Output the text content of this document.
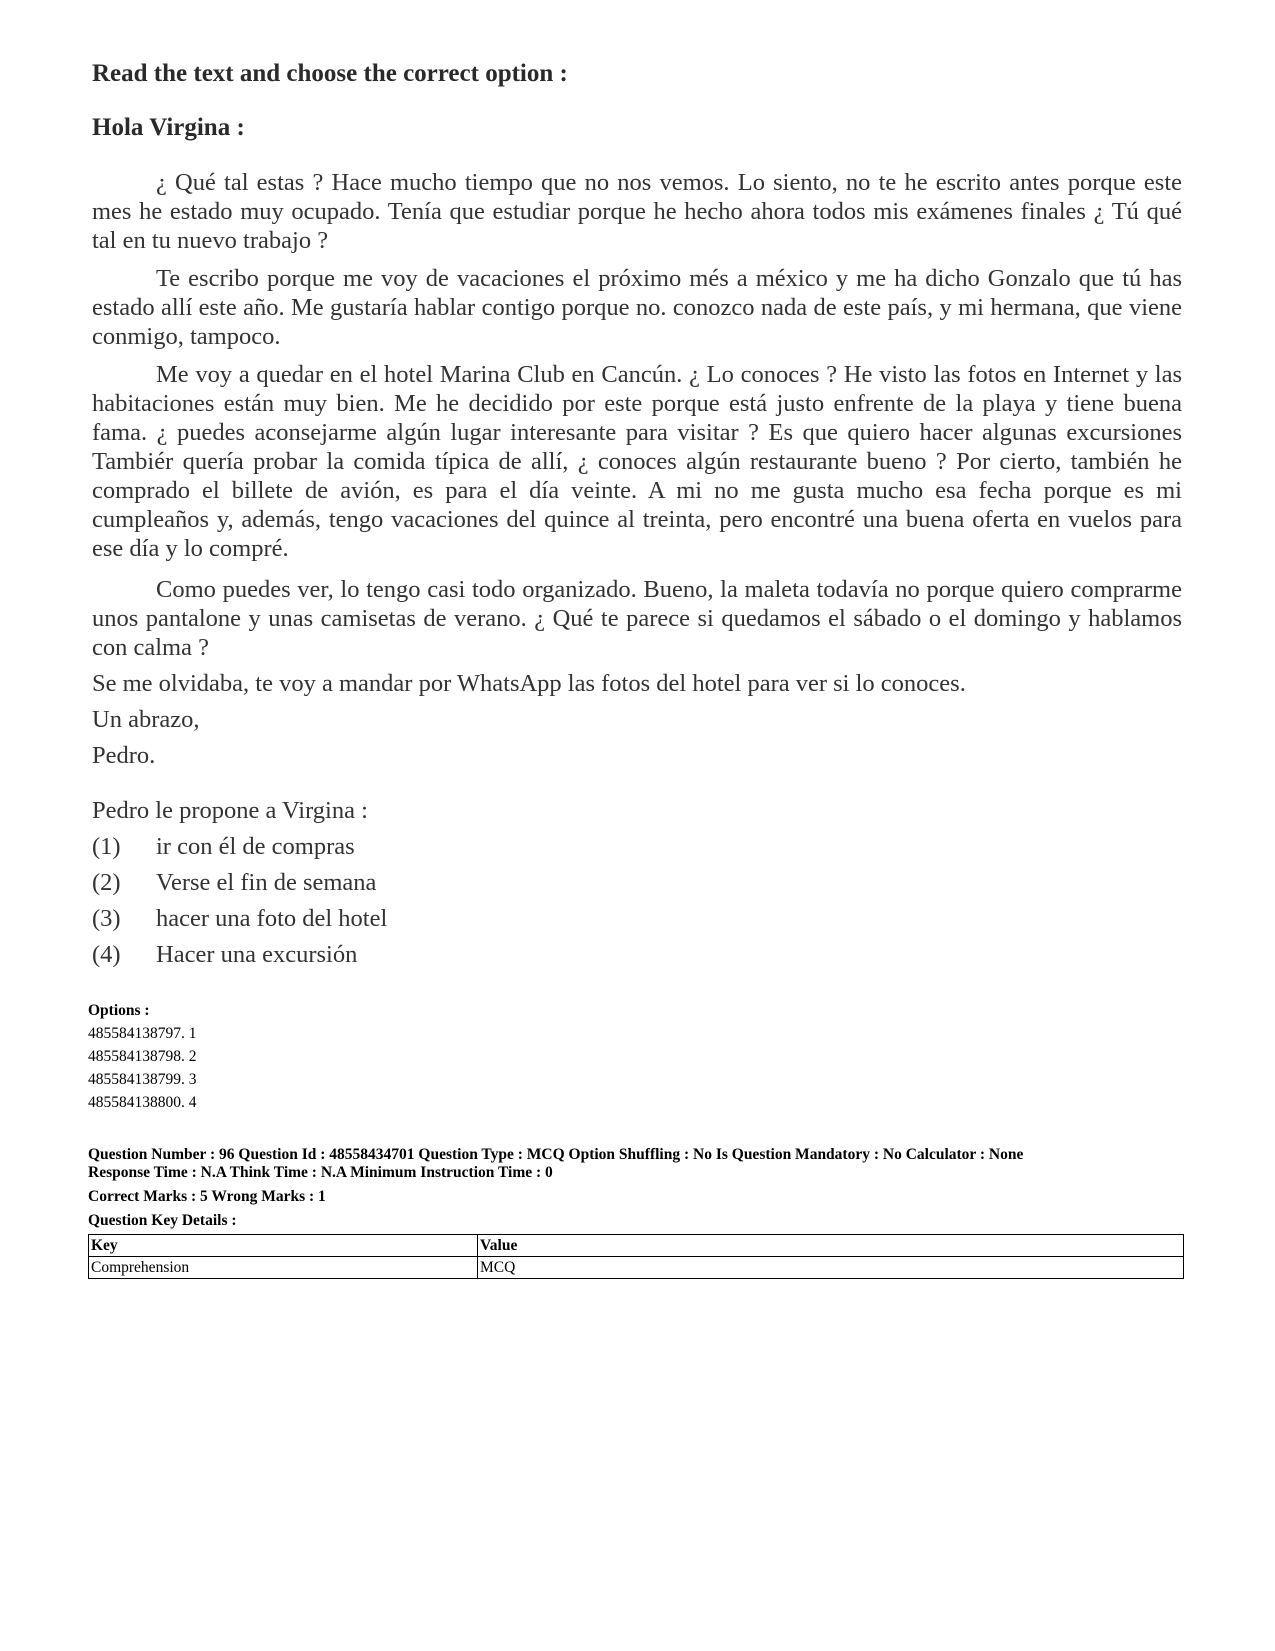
Read the text and choose the correct option :

Hola Virgina :

¿ Qué tal estas ? Hace mucho tiempo que no nos vemos. Lo siento, no te he escrito antes porque este mes he estado muy ocupado. Tenía que estudiar porque he hecho ahora todos mis exámenes finales ¿ Tú qué tal en tu nuevo trabajo ?

Te escribo porque me voy de vacaciones el próximo més a méxico y me ha dicho Gonzalo que tú has estado allí este año. Me gustaría hablar contigo porque no. conozco nada de este país, y mi hermana, que viene conmigo, tampoco.

Me voy a quedar en el hotel Marina Club en Cancún. ¿ Lo conoces ? He visto las fotos en Internet y las habitaciones están muy bien. Me he decidido por este porque está justo enfrente de la playa y tiene buena fama. ¿ puedes aconsejarme algún lugar interesante para visitar ? Es que quiero hacer algunas excursiones Tambiér quería probar la comida típica de allí, ¿ conoces algún restaurante bueno ? Por cierto, también he comprado el billete de avión, es para el día veinte. A mi no me gusta mucho esa fecha porque es mi cumpleaños y, además, tengo vacaciones del quince al treinta, pero encontré una buena oferta en vuelos para ese día y lo compré.

Como puedes ver, lo tengo casi todo organizado. Bueno, la maleta todavía no porque quiero comprarme unos pantalone y unas camisetas de verano. ¿ Qué te parece si quedamos el sábado o el domingo y hablamos con calma ?

Se me olvidaba, te voy a mandar por WhatsApp las fotos del hotel para ver si lo conoces.

Un abrazo,

Pedro.

Pedro le propone a Virgina :

(1) ir con él de compras
(2) Verse el fin de semana
(3) hacer una foto del hotel
(4) Hacer una excursión

Options :

485584138797. 1
485584138798. 2
485584138799. 3
485584138800. 4

Question Number : 96 Question Id : 48558434701 Question Type : MCQ Option Shuffling : No Is Question Mandatory : No Calculator : None

Response Time : N.A Think Time : N.A Minimum Instruction Time : 0

Correct Marks : 5 Wrong Marks : 1

Question Key Details :

Key	Value
Comprehension	MCQ
